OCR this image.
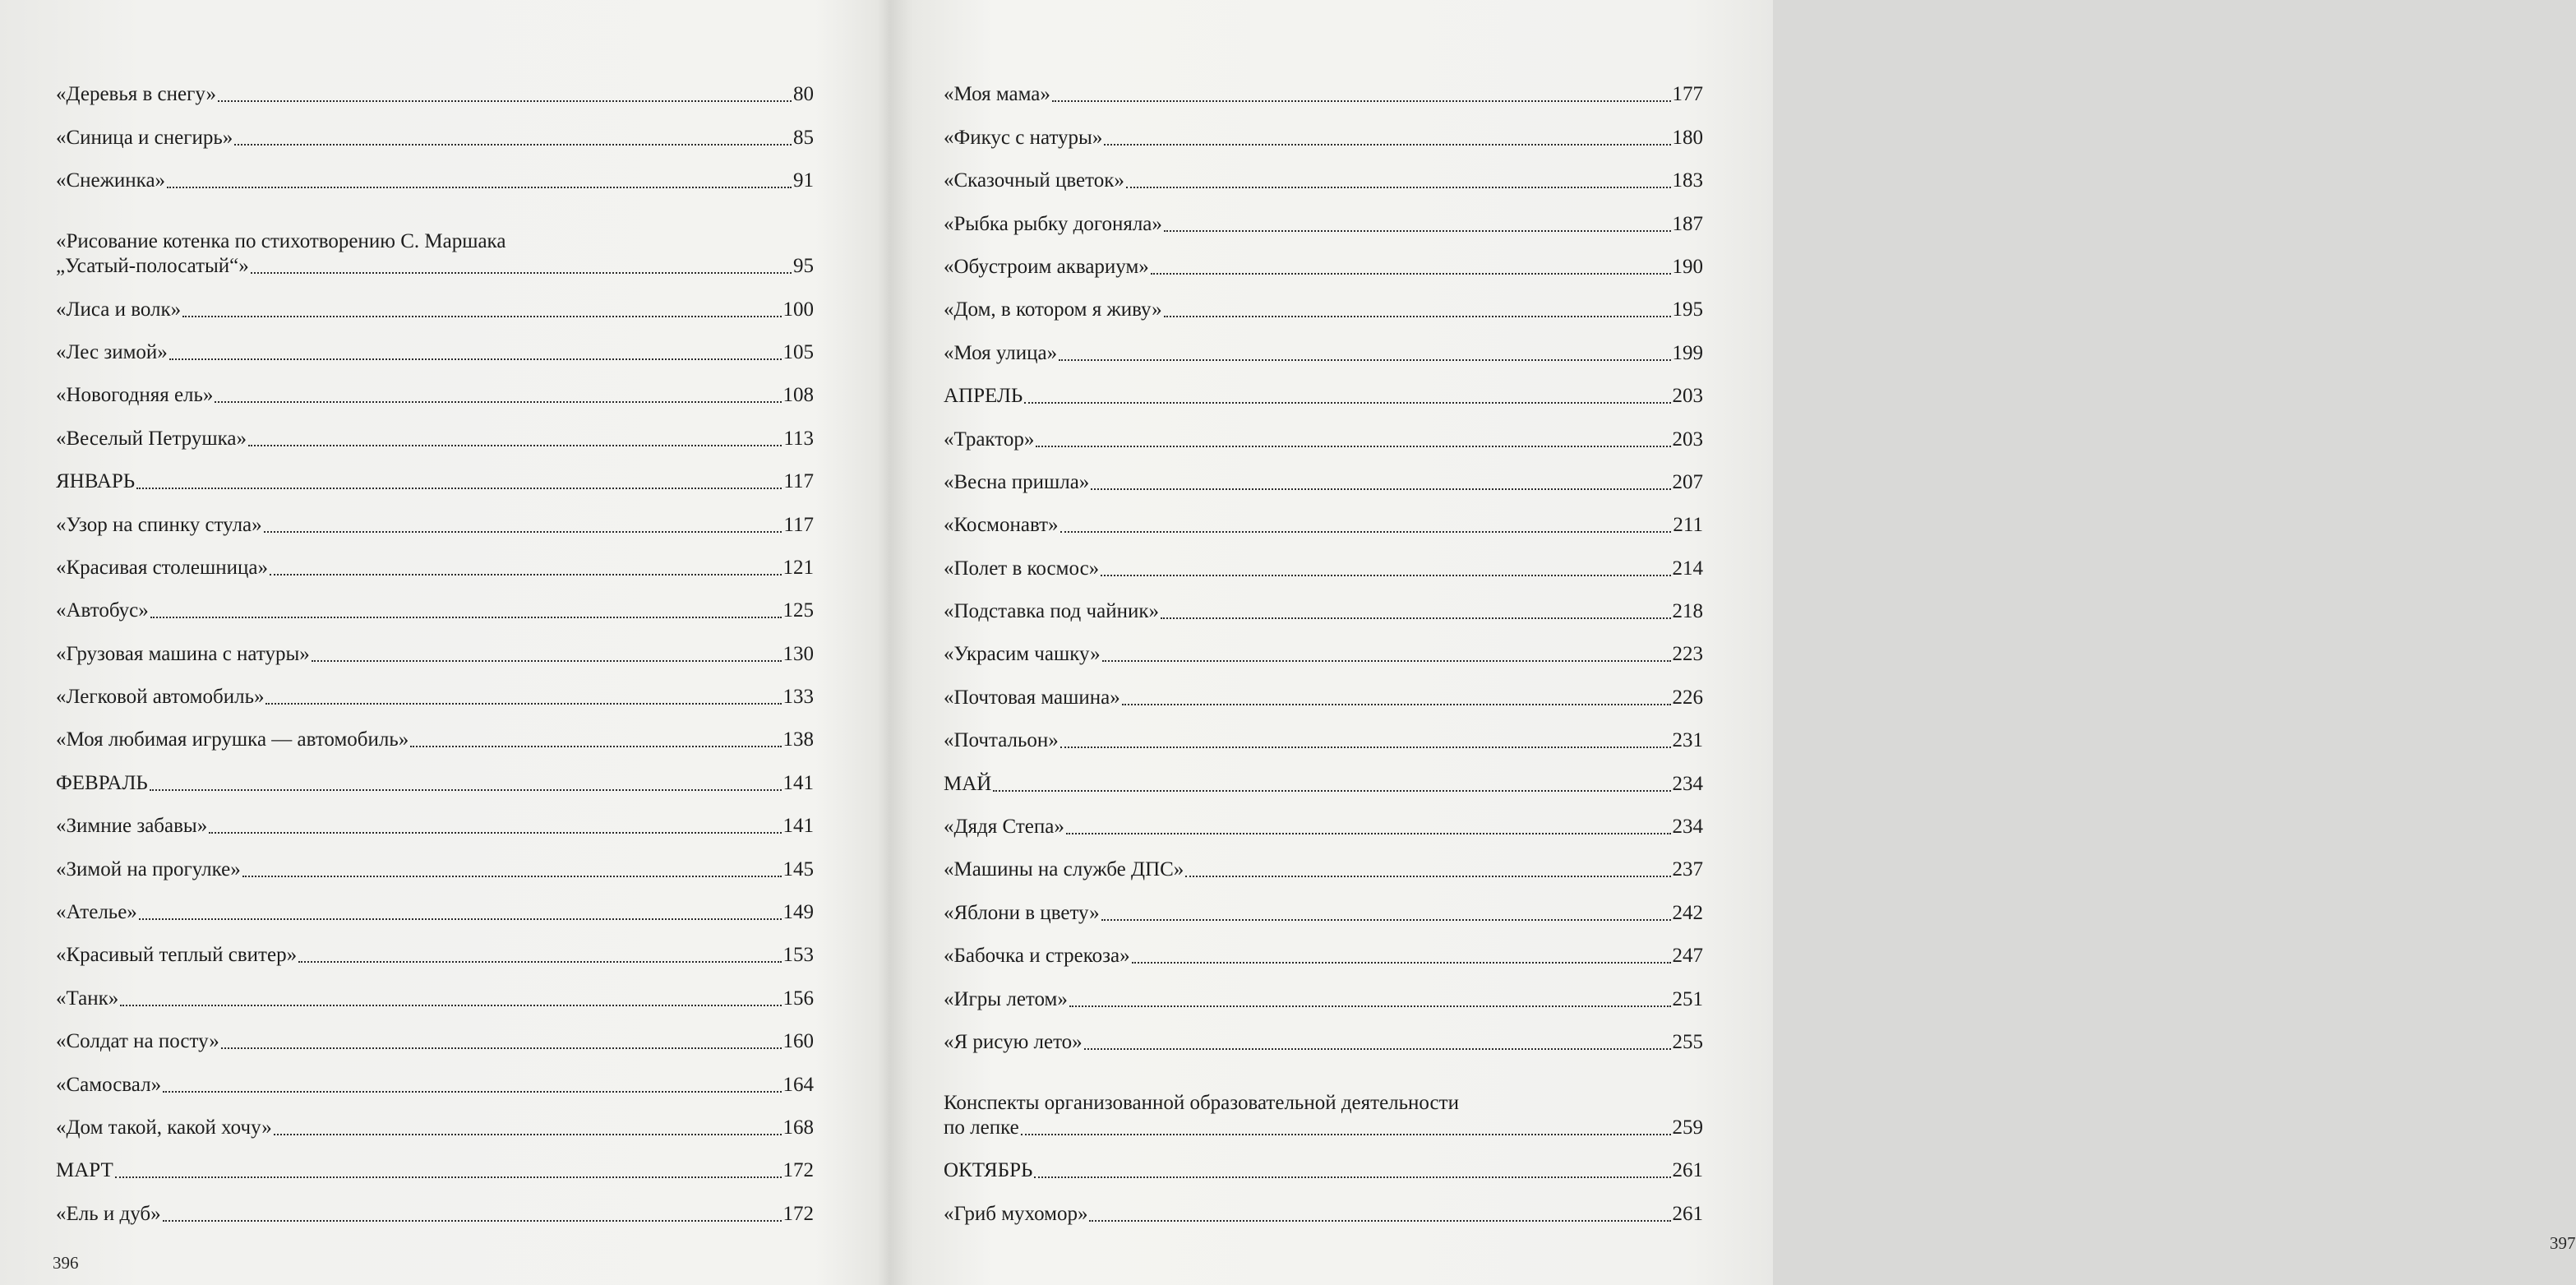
«Деревья в снегу»	80
«Синица и снегирь»	85
«Снежинка»	91
«Рисование котенка по стихотворению С. Маршака
„Усатый-полосатый“»	95
«Лиса и волк»	100
«Лес зимой»	105
«Новогодняя ель»	108
«Веселый Петрушка»	113
ЯНВАРЬ	117
«Узор на спинку стула»	117
«Красивая столешница»	121
«Автобус»	125
«Грузовая машина с натуры»	130
«Легковой автомобиль»	133
«Моя любимая игрушка — автомобиль»	138
ФЕВРАЛЬ	141
«Зимние забавы»	141
«Зимой на прогулке»	145
«Ателье»	149
«Красивый теплый свитер»	153
«Танк»	156
«Солдат на посту»	160
«Самосвал»	164
«Дом такой, какой хочу»	168
МАРТ	172
«Ель и дуб»	172
396
397
«Моя мама»	177
«Фикус с натуры»	180
«Сказочный цветок»	183
«Рыбка рыбку догоняла»	187
«Обустроим аквариум»	190
«Дом, в котором я живу»	195
«Моя улица»	199
АПРЕЛЬ	203
«Трактор»	203
«Весна пришла»	207
«Космонавт»	211
«Полет в космос»	214
«Подставка под чайник»	218
«Украсим чашку»	223
«Почтовая машина»	226
«Почтальон»	231
МАЙ	234
«Дядя Степа»	234
«Машины на службе ДПС»	237
«Яблони в цвету»	242
«Бабочка и стрекоза»	247
«Игры летом»	251
«Я рисую лето»	255
Конспекты организованной образовательной деятельности
по лепке	259
ОКТЯБРЬ	261
«Гриб мухомор»	261
